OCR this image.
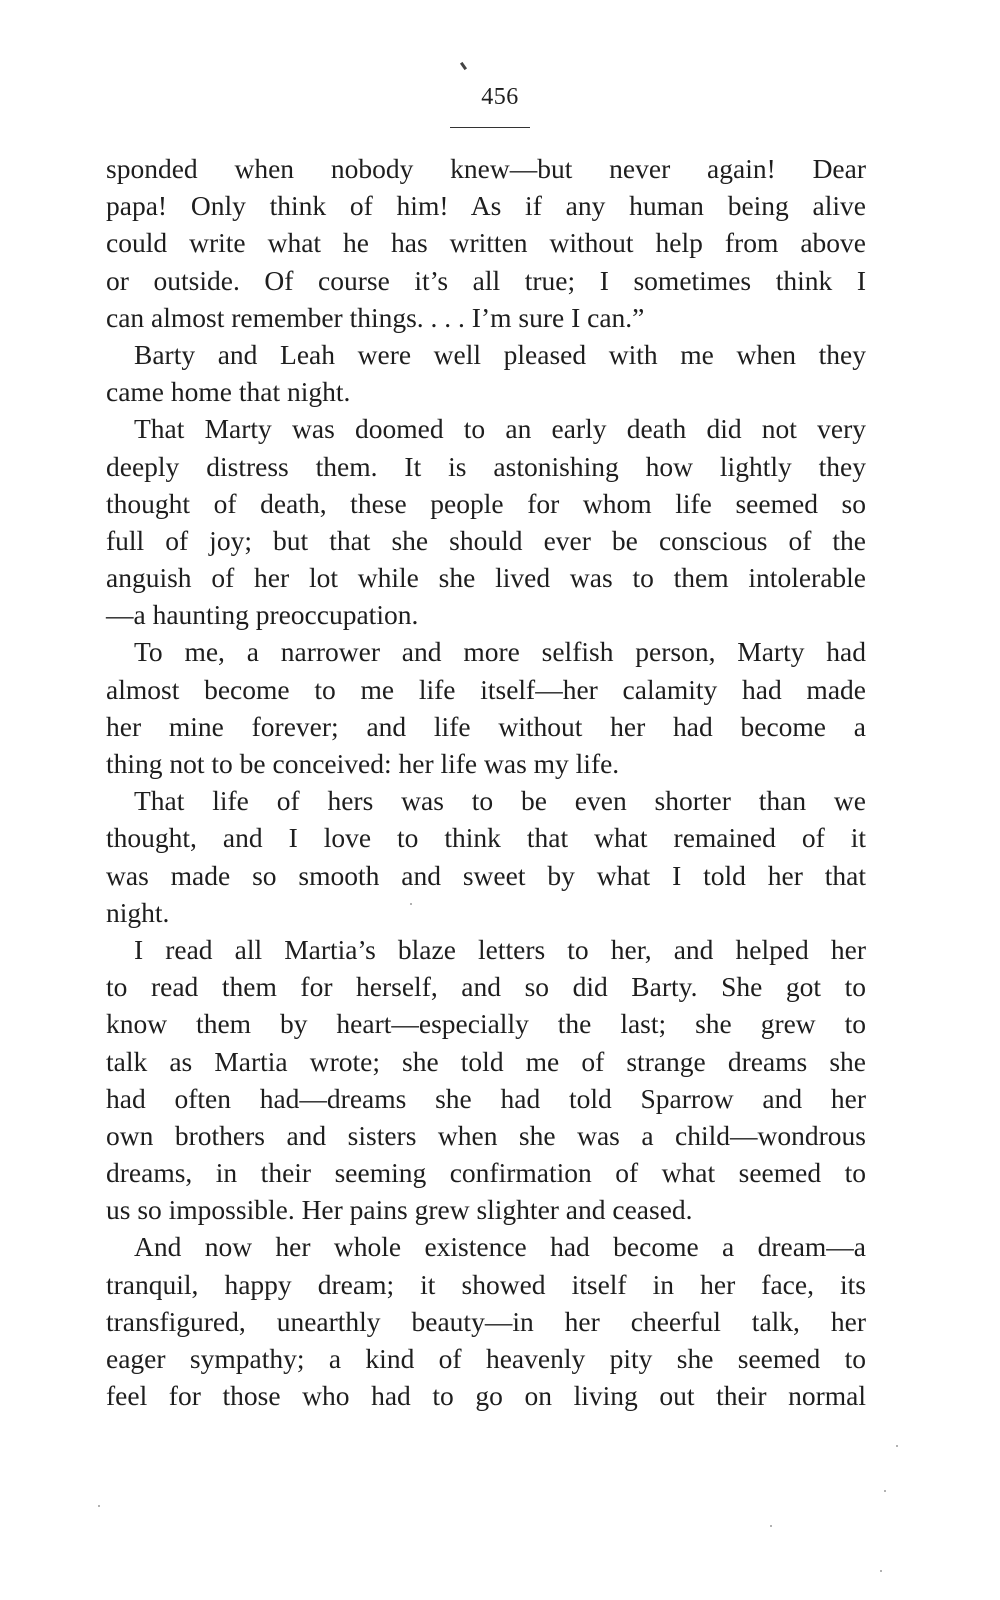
456
sponded when nobody knew—but never again! Dear
papa! Only think of him! As if any human being alive
could write what he has written without help from above
or outside. Of course it’s all true; I sometimes think I
can almost remember things. . . . I’m sure I can.”
Barty and Leah were well pleased with me when they
came home that night.
That Marty was doomed to an early death did not very
deeply distress them. It is astonishing how lightly they
thought of death, these people for whom life seemed so
full of joy; but that she should ever be conscious of the
anguish of her lot while she lived was to them intolerable
—a haunting preoccupation.
To me, a narrower and more selfish person, Marty had
almost become to me life itself—her calamity had made
her mine forever; and life without her had become a
thing not to be conceived: her life was my life.
That life of hers was to be even shorter than we
thought, and I love to think that what remained of it
was made so smooth and sweet by what I told her that
night.
I read all Martia’s blaze letters to her, and helped her
to read them for herself, and so did Barty. She got to
know them by heart—especially the last; she grew to
talk as Martia wrote; she told me of strange dreams she
had often had—dreams she had told Sparrow and her
own brothers and sisters when she was a child—wondrous
dreams, in their seeming confirmation of what seemed to
us so impossible. Her pains grew slighter and ceased.
And now her whole existence had become a dream—a
tranquil, happy dream; it showed itself in her face, its
transfigured, unearthly beauty—in her cheerful talk, her
eager sympathy; a kind of heavenly pity she seemed to
feel for those who had to go on living out their normal
